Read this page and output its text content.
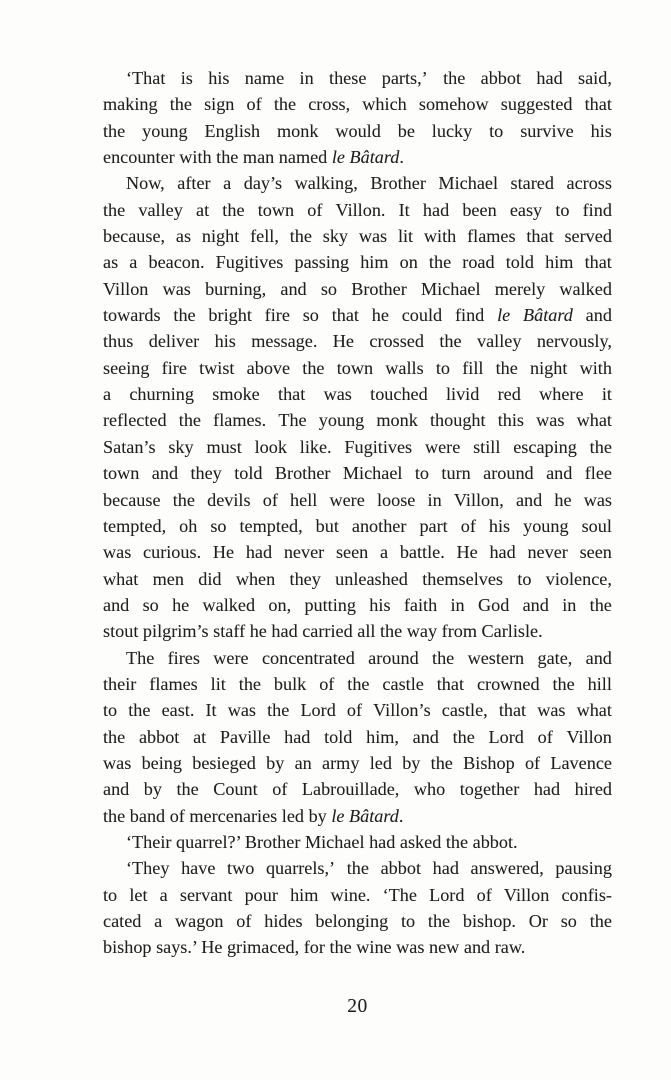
‘That is his name in these parts,’ the abbot had said,
making the sign of the cross, which somehow suggested that
the young English monk would be lucky to survive his
encounter with the man named le Bâtard.
Now, after a day’s walking, Brother Michael stared across
the valley at the town of Villon. It had been easy to find
because, as night fell, the sky was lit with flames that served
as a beacon. Fugitives passing him on the road told him that
Villon was burning, and so Brother Michael merely walked
towards the bright fire so that he could find le Bâtard and
thus deliver his message. He crossed the valley nervously,
seeing fire twist above the town walls to fill the night with
a churning smoke that was touched livid red where it
reflected the flames. The young monk thought this was what
Satan’s sky must look like. Fugitives were still escaping the
town and they told Brother Michael to turn around and flee
because the devils of hell were loose in Villon, and he was
tempted, oh so tempted, but another part of his young soul
was curious. He had never seen a battle. He had never seen
what men did when they unleashed themselves to violence,
and so he walked on, putting his faith in God and in the
stout pilgrim’s staff he had carried all the way from Carlisle.
The fires were concentrated around the western gate, and
their flames lit the bulk of the castle that crowned the hill
to the east. It was the Lord of Villon’s castle, that was what
the abbot at Paville had told him, and the Lord of Villon
was being besieged by an army led by the Bishop of Lavence
and by the Count of Labrouillade, who together had hired
the band of mercenaries led by le Bâtard.
‘Their quarrel?’ Brother Michael had asked the abbot.
‘They have two quarrels,’ the abbot had answered, pausing
to let a servant pour him wine. ‘The Lord of Villon confis-
cated a wagon of hides belonging to the bishop. Or so the
bishop says.’ He grimaced, for the wine was new and raw.
20
